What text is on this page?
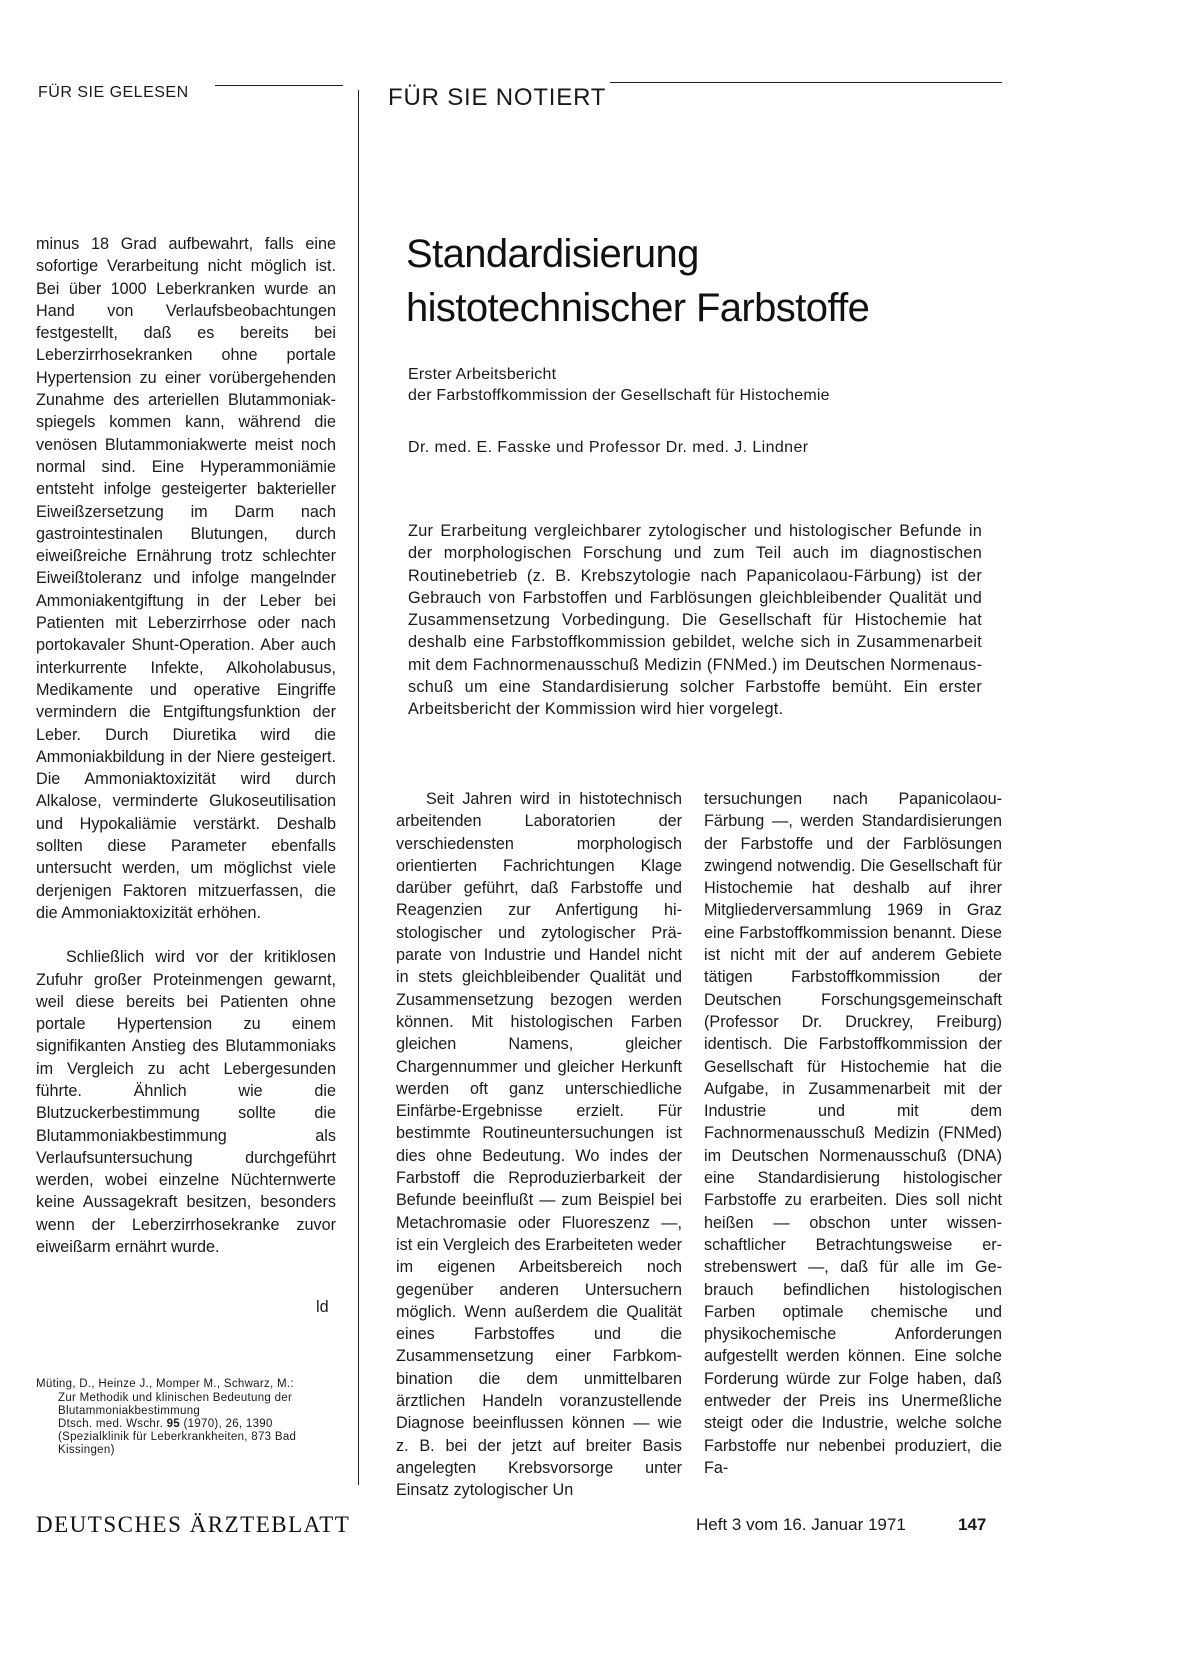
FÜR SIE GELESEN	FÜR SIE NOTIERT

minus 18 Grad aufbewahrt, falls eine sofortige Verarbeitung nicht möglich ist. Bei über 1000 Leberkranken wurde an Hand von Verlaufsbeobachtungen festgestellt, daß es bereits bei Leberzirrhosekranken ohne portale Hypertension zu einer vorübergehenden Zunahme des arteriellen Blutammoniakspiegels kommen kann, während die venösen Blutammoniakwerte meist noch normal sind. Eine Hyperammoniämie entsteht infolge gesteigerter bakterieller Eiweißzersetzung im Darm nach gastrointestinalen Blutungen, durch eiweißreiche Ernährung trotz schlechter Eiweißtoleranz und infolge mangelnder Ammoniakentgiftung in der Leber bei Patienten mit Leberzirrhose oder nach portokavaler Shunt-Operation. Aber auch interkurrente Infekte, Alkoholabusus, Medikamente und operative Eingriffe vermindern die Entgiftungsfunktion der Leber. Durch Diuretika wird die Ammoniakbildung in der Niere gesteigert. Die Ammoniaktoxizität wird durch Alkalose, verminderte Glukoseutilisation und Hypokaliämie verstärkt. Deshalb sollten diese Parameter ebenfalls untersucht werden, um möglichst viele derjenigen Faktoren mitzuerfassen, die die Ammoniaktoxizität erhöhen.

Schließlich wird vor der kritiklosen Zufuhr großer Proteinmengen gewarnt, weil diese bereits bei Patienten ohne portale Hypertension zu einem signifikanten Anstieg des Blutammoniaks im Vergleich zu acht Lebergesunden führte. Ähnlich wie die Blutzuckerbestimmung sollte die Blutammoniakbestimmung als Verlaufsuntersuchung durchgeführt werden, wobei einzelne Nüchternwerte keine Aussagekraft besitzen, besonders wenn der Leberzirrhosekranke zuvor eiweißarm ernährt wurde.

ld
Müting, D., Heinze J., Momper M., Schwarz, M.:
Zur Methodik und klinischen Bedeutung der Blutammoniakbestimmung
Dtsch. med. Wschr. 95 (1970), 26, 1390
(Spezialklinik für Leberkrankheiten, 873 Bad Kissingen)
Standardisierung
histotechnischer Farbstoffe
Erster Arbeitsbericht
der Farbstoffkommission der Gesellschaft für Histochemie
Dr. med. E. Fasske und Professor Dr. med. J. Lindner
Zur Erarbeitung vergleichbarer zytologischer und histologischer Befunde in der morphologischen Forschung und zum Teil auch im diagnostischen Routinebetrieb (z. B. Krebszytologie nach Papanicolaou-Färbung) ist der Gebrauch von Farbstoffen und Farblösungen gleichbleibender Qualität und Zusammensetzung Vorbedingung. Die Gesellschaft für Histochemie hat deshalb eine Farbstoffkommission gebildet, welche sich in Zusammenarbeit mit dem Fachnormenausschuß Medizin (FNMed.) im Deutschen Normenausschuß um eine Standardisierung solcher Farbstoffe bemüht. Ein erster Arbeitsbericht der Kommission wird hier vorgelegt.

Seit Jahren wird in histotechnisch arbeitenden Laboratorien der verschiedensten morphologisch orientierten Fachrichtungen Klage darüber geführt, daß Farbstoffe und Reagenzien zur Anfertigung histologischer und zytologischer Präparate von Industrie und Handel nicht in stets gleichbleibender Qualität und Zusammensetzung bezogen werden können. Mit histologischen Farben gleichen Namens, gleicher Chargennummer und gleicher Herkunft werden oft ganz unterschiedliche Einfärbe-Ergebnisse erzielt. Für bestimmte Routineuntersuchungen ist dies ohne Bedeutung. Wo indes der Farbstoff die Reproduzierbarkeit der Befunde beeinflußt — zum Beispiel bei Metachromasie oder Fluoreszenz —, ist ein Vergleich des Erarbeiteten weder im eigenen Arbeitsbereich noch gegenüber anderen Untersuchern möglich. Wenn außerdem die Qualität eines Farbstoffes und die Zusammensetzung einer Farbkombination die dem unmittelbaren ärztlichen Handeln voranzustellende Diagnose beeinflussen können — wie z. B. bei der jetzt auf breiter Basis angelegten Krebsvorsorge unter Einsatz zytologischer Un

tersuchungen nach Papanicolaou-Färbung —, werden Standardisierungen der Farbstoffe und der Farblösungen zwingend notwendig. Die Gesellschaft für Histochemie hat deshalb auf ihrer Mitgliederversammlung 1969 in Graz eine Farbstoffkommission benannt. Diese ist nicht mit der auf anderem Gebiete tätigen Farbstoffkommission der Deutschen Forschungsgemeinschaft (Professor Dr. Druckrey, Freiburg) identisch. Die Farbstoffkommission der Gesellschaft für Histochemie hat die Aufgabe, in Zusammenarbeit mit der Industrie und mit dem Fachnormenausschuß Medizin (FNMed) im Deutschen Normenausschuß (DNA) eine Standardisierung histologischer Farbstoffe zu erarbeiten. Dies soll nicht heißen — obschon unter wissenschaftlicher Betrachtungsweise erstrebenswert —, daß für alle im Gebrauch befindlichen histologischen Farben optimale chemische und physikochemische Anforderungen aufgestellt werden können. Eine solche Forderung würde zur Folge haben, daß entweder der Preis ins Unermeßliche steigt oder die Industrie, welche solche Farbstoffe nur nebenbei produziert, die Fa-

DEUTSCHES ÄRZTEBLATT	Heft 3 vom 16. Januar 1971	147
